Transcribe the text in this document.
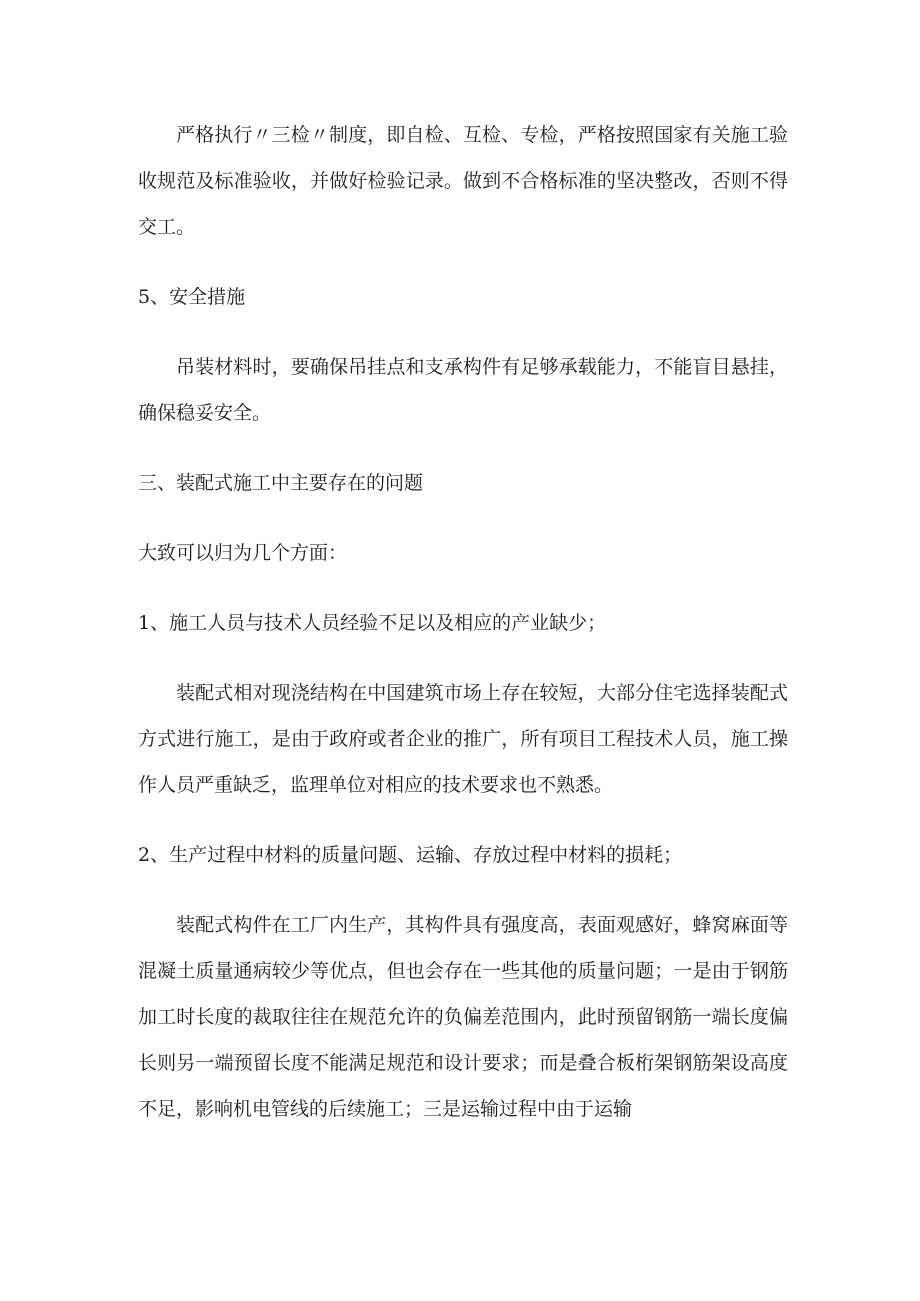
严格执行〃三检〃制度，即自检、互检、专检，严格按照国家有关施工验收规范及标准验收，并做好检验记录。做到不合格标准的坚决整改，否则不得交工。

5、安全措施

吊装材料时，要确保吊挂点和支承构件有足够承载能力，不能盲目悬挂，确保稳妥安全。

三、装配式施工中主要存在的问题

大致可以归为几个方面：

1、施工人员与技术人员经验不足以及相应的产业缺少；

装配式相对现浇结构在中国建筑市场上存在较短，大部分住宅选择装配式方式进行施工，是由于政府或者企业的推广，所有项目工程技术人员，施工操作人员严重缺乏，监理单位对相应的技术要求也不熟悉。

2、生产过程中材料的质量问题、运输、存放过程中材料的损耗；

装配式构件在工厂内生产，其构件具有强度高，表面观感好，蜂窝麻面等混凝土质量通病较少等优点，但也会存在一些其他的质量问题；一是由于钢筋加工时长度的裁取往往在规范允许的负偏差范围内，此时预留钢筋一端长度偏长则另一端预留长度不能满足规范和设计要求；而是叠合板桁架钢筋架设高度不足，影响机电管线的后续施工；三是运输过程中由于运输
